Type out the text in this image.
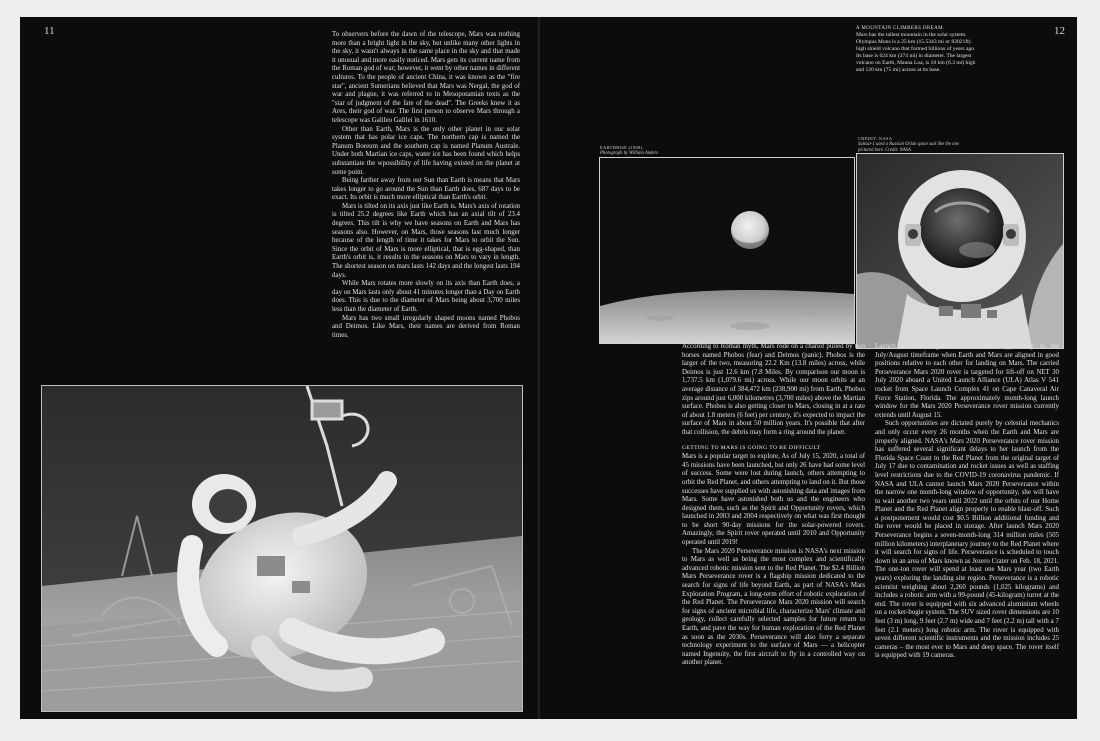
11	To observers before the dawn of the telescope, Mars was nothing more than a bright light in the sky, but unlike many other lights in the sky, it wasn't always in the same place in the sky and that made it unusual and more easily noticed. Mars gets its current name from the Roman god of war; however, it went by other names in different cultures. To the people of ancient China, it was known as the "fire star", ancient Sumerians believed that Mars was Nergal, the god of war and plague, it was referred to in Mesopotamian texts as the "star of judgment of the fate of the dead". The Greeks knew it as Ares, their god of war. The first person to observe Mars through a telescope was Galileo Galilei in 1610.

Other than Earth, Mars is the only other planet in our solar system that has polar ice caps. The northern cap is named the Planum Boreum and the southern cap is named Planum Australe. Under both Martian ice caps, water ice has been found which helps substantiate the wpossibility of life having existed on the planet at some point.

Being farther away from our Sun than Earth is means that Mars takes longer to go around the Sun than Earth does, 687 days to be exact. Its orbit is much more elliptical than Earth's orbit.

Mars is tilted on its axis just like Earth is. Mars's axis of rotation is tilted 25.2 degrees like Earth which has an axial tilt of 23.4 degrees. This tilt is why we have seasons on Earth and Mars has seasons also. However, on Mars, those seasons last much longer because of the length of time it takes for Mars to orbit the Sun. Since the orbit of Mars is more elliptical, that is egg-shaped, than Earth's orbit is, it results in the seasons on Mars to vary in length. The shortest season on mars lasts 142 days and the longest lasts 194 days.

While Mars rotates more slowly on its axis than Earth does, a day on Mars lasts only about 41 minutes longer than a Day on Earth does. This is due to the diameter of Mars being about 3,700 miles less than the diameter of Earth.

Mars has two small irregularly shaped moons named Phobos and Deimos. Like Mars, their names are derived from Roman times.

12
A MOUNTAIN CLIMBERS DREAM.
Mars has the tallest mountain in the solar system. Olympus Mons is a 25 km (15.5343 mi or 82021ft) high shield volcano that formed billions of years ago. Its base is 624 km (374 mi) in diameter. The largest volcano on Earth, Mauna Loa, is 10 km (6.3 mi) high and 120 km (75 mi) across at its base.
EARTHRISE (1968),
Photograph by William Anders
CREDIT: NASA
Suitsat-1 used a Russian Orlan space suit like the one pictured here. Credit: NASA

According to Roman myth, Mars rode on a chariot pulled by two horses named Phobos (fear) and Deimos (panic). Phobos is the larger of the two, measuring 22.2 Km (13.8 miles) across, while Deimos is just 12.6 km (7.8 Miles. By comparison our moon is 1,737.5 km (1,079.6 mi) across. While our moon orbits at an average distance of 384,472 km (238,900 mi) from Earth, Phobos zips around just 6,000 kilometres (3,700 miles) above the Martian surface. Phobos is also getting closer to Mars, closing in at a rate of about 1.8 meters (6 feet) per century, it's expected to impact the surface of Mars in about 50 million years. It's possible that after that collision, the debris may form a ring around the planet.

GETTING TO MARS IS GOING TO BE DIFFICULT

Mars is a popular target to explore, As of July 15, 2020, a total of 45 missions have been launched, but only 26 have had some level of success. Some were lost during launch, others attempting to orbit the Red Planet, and others attempting to land on it. But those successes have supplied us with astonishing data and images from Mars. Some have astonished both us and the engineers who designed them, such as the Spirit and Opportunity rovers, which launched in 2003 and 2004 respectively on what was first thought to be short 90-day missions for the solar-powered rovers. Amazingly, the Spirit rover operated until 2010 and Opportunity operated until 2019!

The Mars 2020 Perseverance mission is NASA's next mission to Mars as well as being the most complex and scientifically advanced robotic mission sent to the Red Planet. The $2.4 Billion Mars Perseverance rover is a flagship mission dedicated to the search for signs of life beyond Earth, as part of NASA's Mars Exploration Program, a long-term effort of robotic exploration of the Red Planet. The Perseverance Mars 2020 mission will search for signs of ancient microbial life, characterize Mars' climate and geology, collect carefully selected samples for future return to Earth, and pave the way for human exploration of the Red Planet as soon as the 2030s. Perseverance will also ferry a separate technology experiment to the surface of Mars — a helicopter named Ingenuity, the first aircraft to fly in a controlled way on another planet.

Launch is now targeted for a launch opportunity in the July/August timeframe when Earth and Mars are aligned in good positions relative to each other for landing on Mars. The carried Perseverance Mars 2020 rover is targeted for lift-off on NET 30 July 2020 aboard a United Launch Alliance (ULA) Atlas V 541 rocket from Space Launch Complex 41 on Cape Canaveral Air Force Station, Florida. The approximately month-long launch window for the Mars 2020 Perseverance rover mission currently extends until August 15.

Such opportunities are dictated purely by celestial mechanics and only occur every 26 months when the Earth and Mars are properly aligned. NASA's Mars 2020 Perseverance rover mission has suffered several significant delays to her launch from the Florida Space Coast to the Red Planet from the original target of July 17 due to contamination and rocket issues as well as staffing level restrictions due to the COVID-19 coronavirus pandemic. If NASA and ULA cannot launch Mars 2020 Perseverance within the narrow one month-long window of opportunity, she will have to wait another two years until 2022 until the orbits of our Home Planet and the Red Planet align properly to enable blast-off. Such a postponement would cost $0.5 Billion additional funding and the rover would be placed in storage. After launch Mars 2020 Perseverance begins a seven-month-long 314 million miles (505 million kilometers) interplanetary journey to the Red Planet where it will search for signs of life. Perseverance is scheduled to touch down in an area of Mars known as Jezero Crater on Feb. 18, 2021. The one-ton rover will spend at least one Mars year (two Earth years) exploring the landing site region. Perseverance is a robotic scientist weighing about 2,260 pounds (1,025 kilograms) and includes a robotic arm with a 99-pound (45-kilogram) turret at the end. The rover is equipped with six advanced aluminium wheels on a rocker-bogie system. The SUV sized rover dimensions are 10 feet (3 m) long, 9 feet (2.7 m) wide and 7 feet (2.2 m) tall with a 7 feet (2.1 meters) long robotic arm. The rover is equipped with seven different scientific instruments and the mission includes 25 cameras – the most ever to Mars and deep space. The rover itself is equipped with 19 cameras.
